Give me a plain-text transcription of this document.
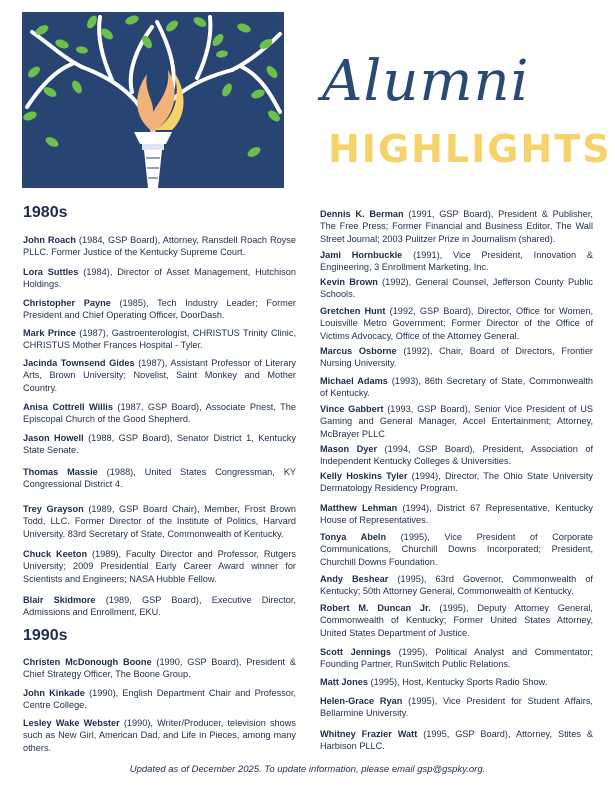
Alumni
HIGHLIGHTS
1980s
John Roach (1984, GSP Board), Attorney, Ransdell Roach Royse PLLC. Former Justice of the Kentucky Supreme Court.
Lora Suttles (1984), Director of Asset Management, Hutchison Holdings.
Christopher Payne (1985), Tech Industry Leader; Former President and Chief Operating Officer, DoorDash.
Mark Prince (1987), Gastroenterologist, CHRISTUS Trinity Clinic, CHRISTUS Mother Frances Hospital - Tyler.
Jacinda Townsend Gides (1987), Assistant Professor of Literary Arts, Brown University; Novelist, Saint Monkey and Mother Country.
Anisa Cottrell Willis (1987, GSP Board), Associate Priest, The Episcopal Church of the Good Shepherd.
Jason Howell (1988, GSP Board), Senator District 1, Kentucky State Senate.
Thomas Massie (1988), United States Congressman, KY Congressional District 4.
Trey Grayson (1989, GSP Board Chair), Member, Frost Brown Todd, LLC. Former Director of the Institute of Politics, Harvard University. 83rd Secretary of State, Commonwealth of Kentucky.
Chuck Keeton (1989), Faculty Director and Professor, Rutgers University; 2009 Presidential Early Career Award winner for Scientists and Engineers; NASA Hubble Fellow.
Blair Skidmore (1989, GSP Board), Executive Director, Admissions and Enrollment, EKU.
1990s
Christen McDonough Boone (1990, GSP Board), President & Chief Strategy Officer, The Boone Group.
John Kinkade (1990), English Department Chair and Professor, Centre College.
Lesley Wake Webster (1990), Writer/Producer, television shows such as New Girl, American Dad, and Life in Pieces, among many others.
Dennis K. Berman (1991, GSP Board), President & Publisher, The Free Press; Former Financial and Business Editor, The Wall Street Journal; 2003 Pulitzer Prize in Journalism (shared).
Jami Hornbuckle (1991), Vice President, Innovation & Engineering, 3 Enrollment Marketing, Inc.
Kevin Brown (1992), General Counsel, Jefferson County Public Schools.
Gretchen Hunt (1992, GSP Board), Director, Office for Women, Louisville Metro Government; Former Director of the Office of Victims Advocacy, Office of the Attorney General.
Marcus Osborne (1992), Chair, Board of Directors, Frontier Nursing University.
Michael Adams (1993), 86th Secretary of State, Commonwealth of Kentucky.
Vince Gabbert (1993, GSP Board), Senior Vice President of US Gaming and General Manager, Accel Entertainment; Attorney, McBrayer PLLC
Mason Dyer (1994, GSP Board), President, Association of Independent Kentucky Colleges & Universities.
Kelly Hoskins Tyler (1994), Director, The Ohio State University Dermatology Residency Program.
Matthew Lehman (1994), District 67 Representative, Kentucky House of Representatives.
Tonya Abeln (1995), Vice President of Corporate Communications, Churchill Downs Incorporated; President, Churchill Downs Foundation.
Andy Beshear (1995), 63rd Governor, Commonwealth of Kentucky; 50th Attorney General, Commonwealth of Kentucky.
Robert M. Duncan Jr. (1995), Deputy Attorney General, Commonwealth of Kentucky; Former United States Attorney, United States Department of Justice.
Scott Jennings (1995), Political Analyst and Commentator; Founding Partner, RunSwitch Public Relations.
Matt Jones (1995), Host, Kentucky Sports Radio Show.
Helen-Grace Ryan (1995), Vice President for Student Affairs, Bellarmine University.
Whitney Frazier Watt (1995, GSP Board), Attorney, Stites & Harbison PLLC.
Updated as of December 2025. To update information, please email gsp@gspky.org.
